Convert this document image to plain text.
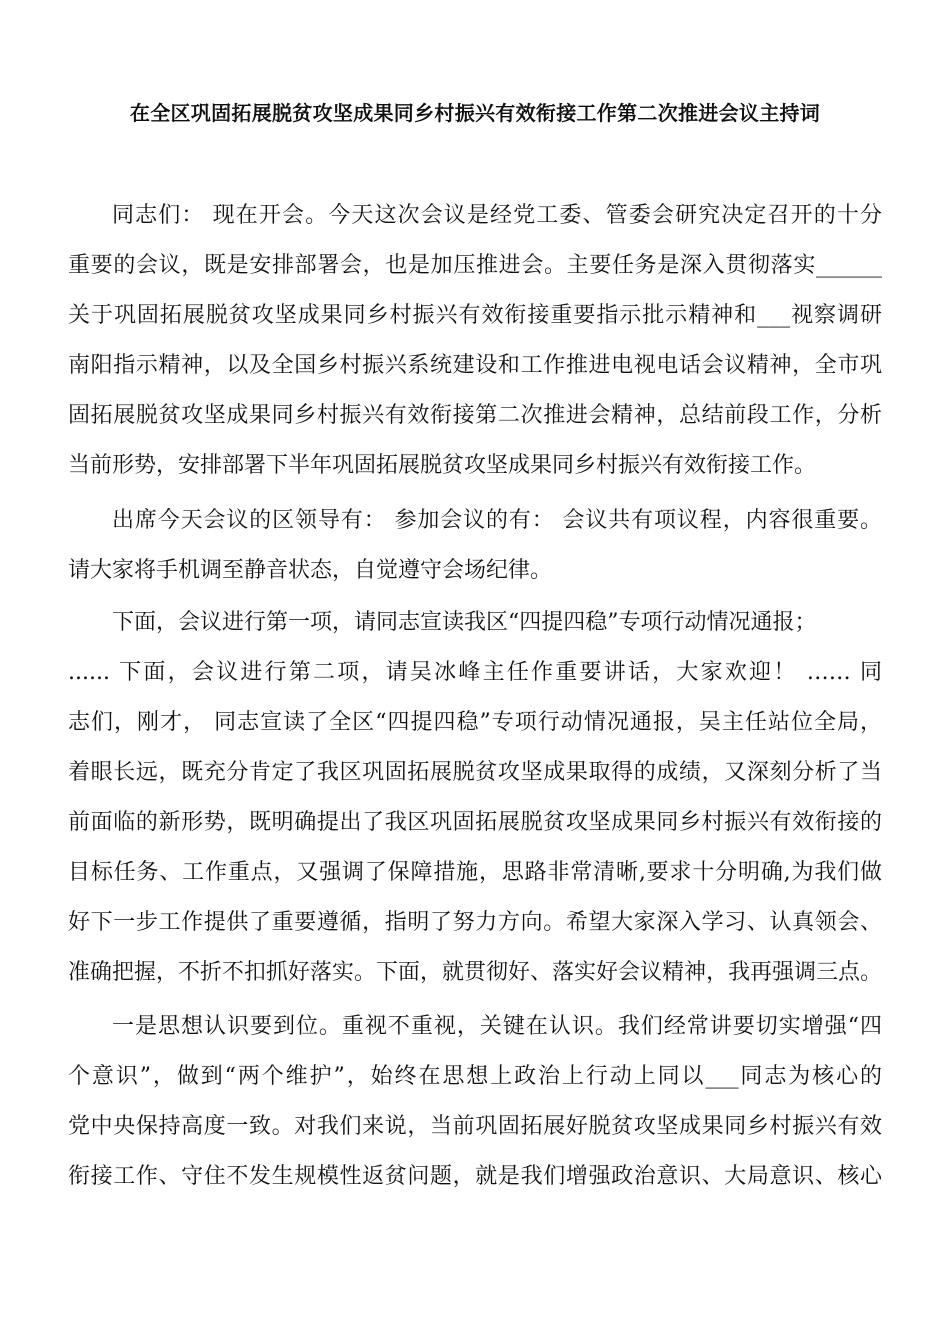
在全区巩固拓展脱贫攻坚成果同乡村振兴有效衔接工作第二次推进会议主持词
同志们： 现在开会。今天这次会议是经党工委、管委会研究决定召开的十分
重要的会议，既是安排部署会，也是加压推进会。主要任务是深入贯彻落实______
关于巩固拓展脱贫攻坚成果同乡村振兴有效衔接重要指示批示精神和___视察调研
南阳指示精神，以及全国乡村振兴系统建设和工作推进电视电话会议精神，全市巩
固拓展脱贫攻坚成果同乡村振兴有效衔接第二次推进会精神，总结前段工作，分析
当前形势，安排部署下半年巩固拓展脱贫攻坚成果同乡村振兴有效衔接工作。
出席今天会议的区领导有： 参加会议的有： 会议共有项议程，内容很重要。
请大家将手机调至静音状态，自觉遵守会场纪律。
下面，会议进行第一项，请同志宣读我区“四提四稳”专项行动情况通报；
...... 下面，会议进行第二项，请吴冰峰主任作重要讲话，大家欢迎！ …… 同
志们，刚才， 同志宣读了全区“四提四稳”专项行动情况通报，吴主任站位全局，
着眼长远，既充分肯定了我区巩固拓展脱贫攻坚成果取得的成绩，又深刻分析了当
前面临的新形势，既明确提出了我区巩固拓展脱贫攻坚成果同乡村振兴有效衔接的
目标任务、工作重点，又强调了保障措施，思路非常清晰,要求十分明确,为我们做
好下一步工作提供了重要遵循，指明了努力方向。希望大家深入学习、认真领会、
准确把握，不折不扣抓好落实。下面，就贯彻好、落实好会议精神，我再强调三点。
一是思想认识要到位。重视不重视，关键在认识。我们经常讲要切实增强“四
个意识”，做到“两个维护”，始终在思想上政治上行动上同以___同志为核心的
党中央保持高度一致。对我们来说，当前巩固拓展好脱贫攻坚成果同乡村振兴有效
衔接工作、守住不发生规模性返贫问题，就是我们增强政治意识、大局意识、核心
